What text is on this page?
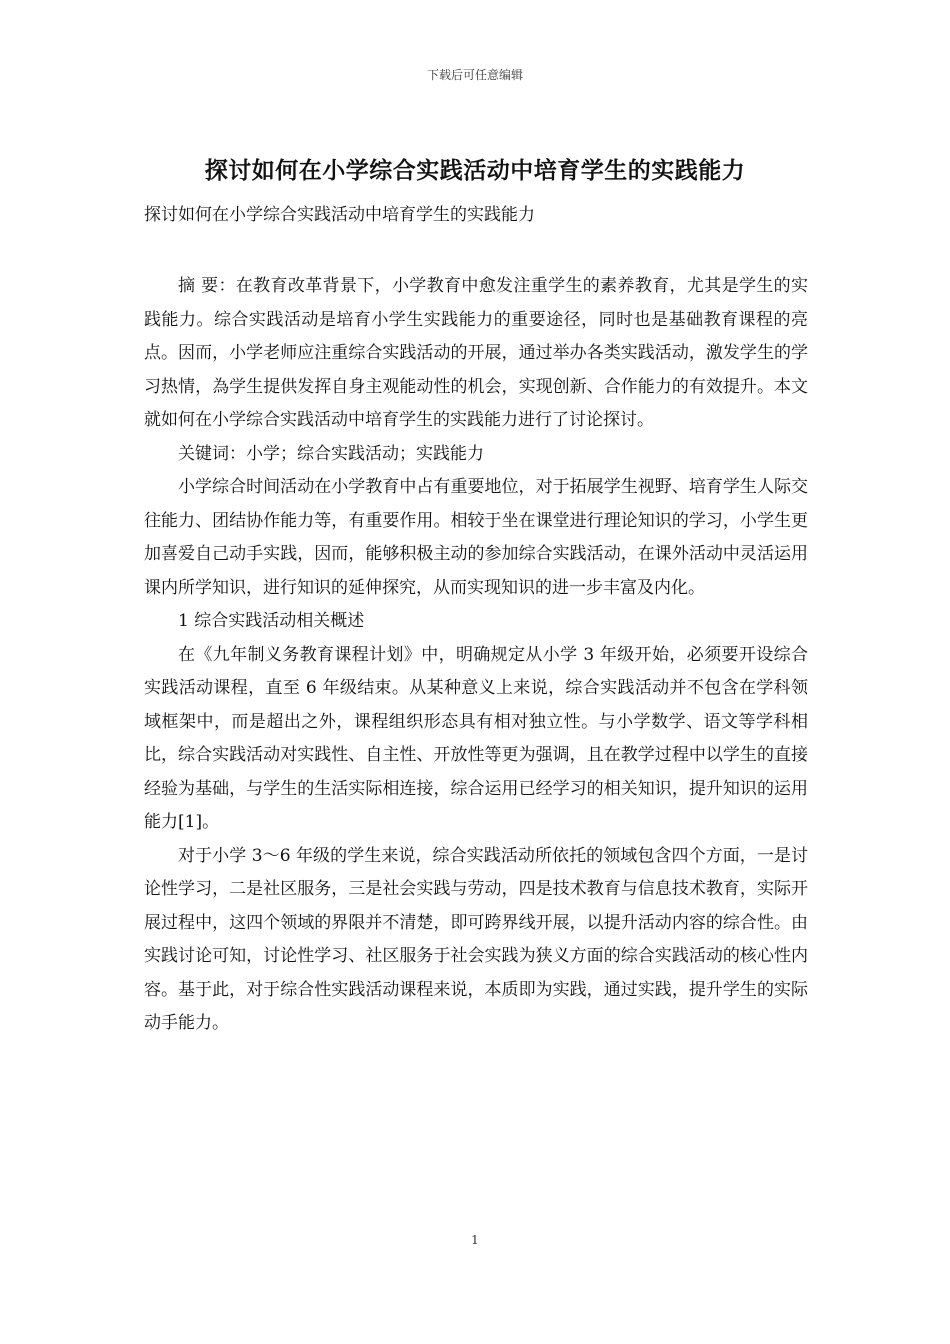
下载后可任意编辑
探讨如何在小学综合实践活动中培育学生的实践能力
探讨如何在小学综合实践活动中培育学生的实践能力

摘 要：在教育改革背景下，小学教育中愈发注重学生的素养教育，尤其是学生的实践能力。综合实践活动是培育小学生实践能力的重要途径，同时也是基础教育课程的亮点。因而，小学老师应注重综合实践活动的开展，通过举办各类实践活动，激发学生的学习热情，為学生提供发挥自身主观能动性的机会，实现创新、合作能力的有效提升。本文就如何在小学综合实践活动中培育学生的实践能力进行了讨论探讨。

关键词：小学；综合实践活动；实践能力

小学综合时间活动在小学教育中占有重要地位，对于拓展学生视野、培育学生人际交往能力、团结协作能力等，有重要作用。相较于坐在课堂进行理论知识的学习，小学生更加喜爱自己动手实践，因而，能够积极主动的参加综合实践活动，在课外活动中灵活运用课内所学知识，进行知识的延伸探究，从而实现知识的进一步丰富及内化。

1 综合实践活动相关概述

在《九年制义务教育课程计划》中，明确规定从小学 3 年级开始，必须要开设综合实践活动课程，直至 6 年级结束。从某种意义上来说，综合实践活动并不包含在学科领域框架中，而是超出之外，课程组织形态具有相对独立性。与小学数学、语文等学科相比，综合实践活动对实践性、自主性、开放性等更为强调，且在教学过程中以学生的直接经验为基础，与学生的生活实际相连接，综合运用已经学习的相关知识，提升知识的运用能力[1]。

对于小学 3～6 年级的学生来说，综合实践活动所依托的领域包含四个方面，一是讨论性学习，二是社区服务，三是社会实践与劳动，四是技术教育与信息技术教育，实际开展过程中，这四个领域的界限并不清楚，即可跨界线开展，以提升活动内容的综合性。由实践讨论可知，讨论性学习、社区服务于社会实践为狭义方面的综合实践活动的核心性内容。基于此，对于综合性实践活动课程来说，本质即为实践，通过实践，提升学生的实际动手能力。

1
